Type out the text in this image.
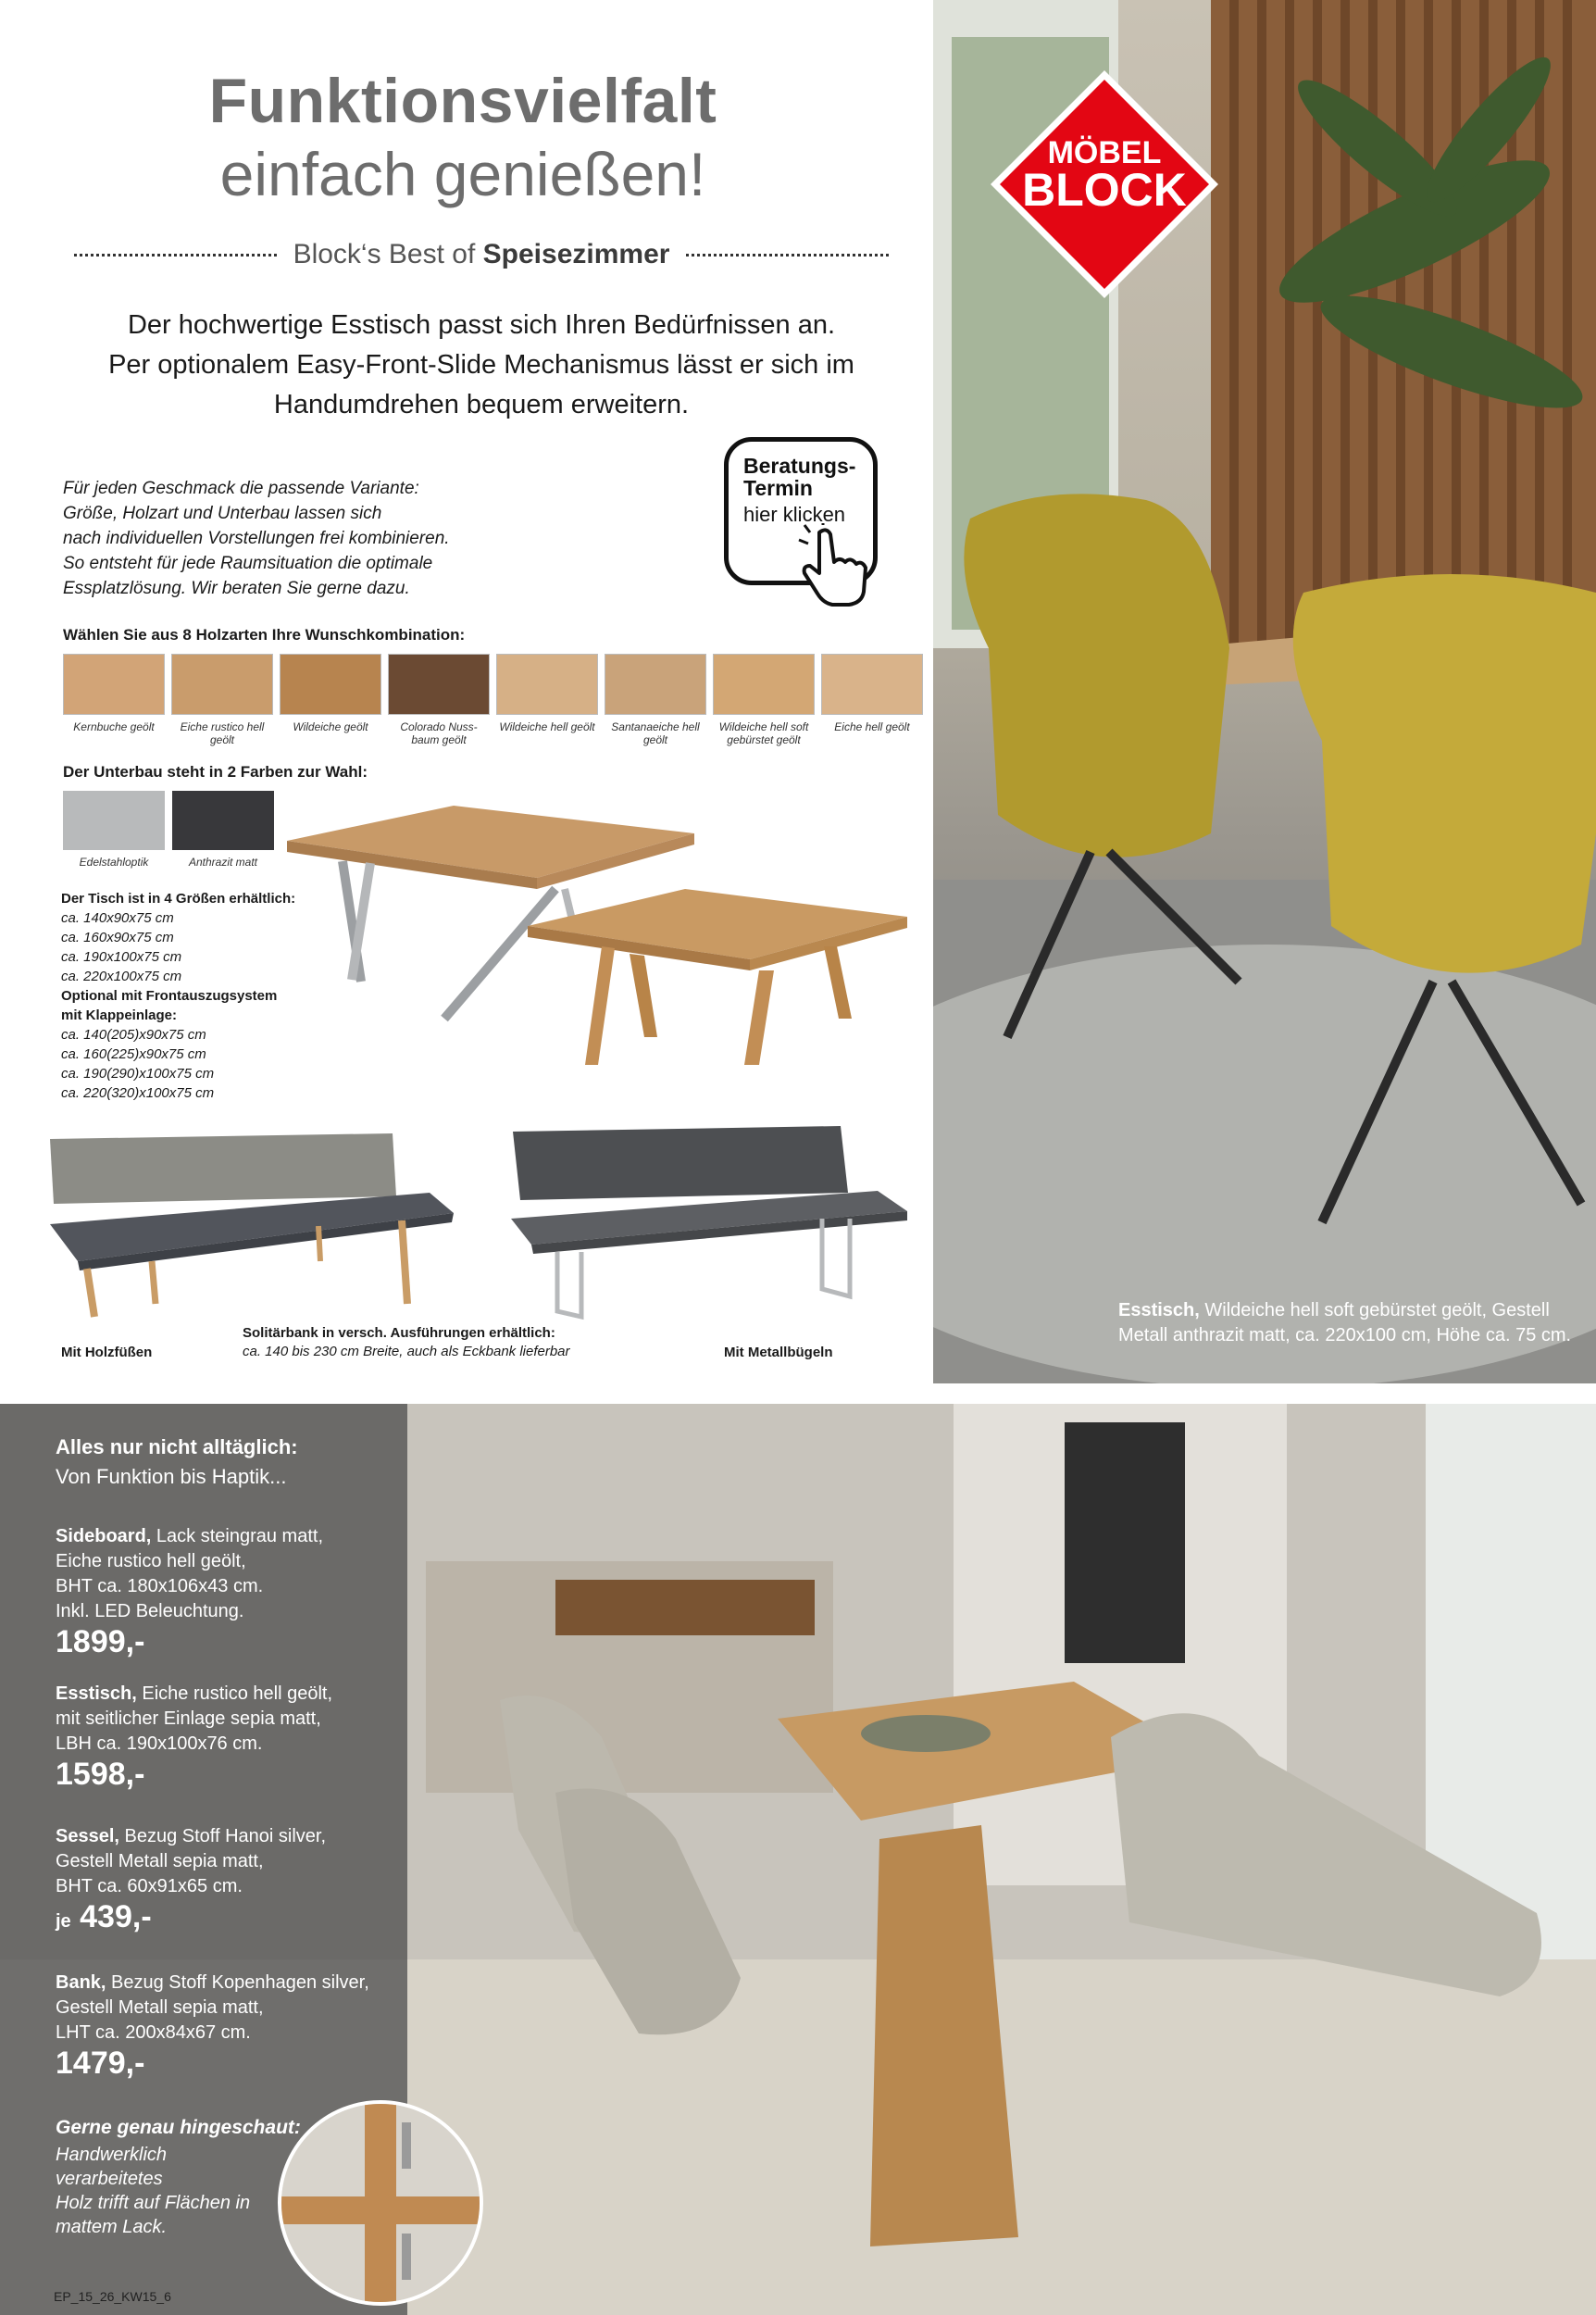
Funktionsvielfalt
einfach genießen!
Block‘s Best of Speisezimmer
Der hochwertige Esstisch passt sich Ihren Bedürfnissen an.
Per optionalem Easy-Front-Slide Mechanismus lässt er sich im
Handumdrehen bequem erweitern.
Beratungs-
Termin
hier klicken
Für jeden Geschmack die passende Variante:
Größe, Holzart und Unterbau lassen sich
nach individuellen Vorstellungen frei kombinieren.
So entsteht für jede Raumsituation die optimale
Essplatzlösung. Wir beraten Sie gerne dazu.
Wählen Sie aus 8 Holzarten Ihre Wunschkombination:
Kernbuche geölt	Eiche rustico hell geölt
Wildeiche geölt	Colorado Nuss-baum geölt
Wildeiche hell geölt	Santanaeiche hell geölt
Wildeiche hell soft gebürstet geölt
Eiche hell geölt
Der Unterbau steht in 2 Farben zur Wahl:
Edelstahloptik	Anthrazit matt
Der Tisch ist in 4 Größen erhältlich:
ca. 140x90x75 cm
ca. 160x90x75 cm
ca. 190x100x75 cm
ca. 220x100x75 cm
Optional mit Frontauszugsystem
mit Klappeinlage:
ca. 140(205)x90x75 cm
ca. 160(225)x90x75 cm
ca. 190(290)x100x75 cm
ca. 220(320)x100x75 cm
Mit Holzfüßen	Mit Metallbügeln
Solitärbank in versch. Ausführungen erhältlich:
ca. 140 bis 230 cm Breite, auch als Eckbank lieferbar
Esstisch, Wildeiche hell soft gebürstet geölt, Gestell
Metall anthrazit matt, ca. 220x100 cm, Höhe ca. 75 cm.
MÖBEL
BLOCK
Alles nur nicht alltäglich:
Von Funktion bis Haptik...
Sideboard, Lack steingrau matt,
Eiche rustico hell geölt,
BHT ca. 180x106x43 cm.
Inkl. LED Beleuchtung.
1899,-
Esstisch, Eiche rustico hell geölt,
mit seitlicher Einlage sepia matt,
LBH ca. 190x100x76 cm.
1598,-
Sessel, Bezug Stoff Hanoi silver,
Gestell Metall sepia matt,
BHT ca. 60x91x65 cm.
je 439,-
Bank, Bezug Stoff Kopenhagen silver,
Gestell Metall sepia matt,
LHT ca. 200x84x67 cm.
1479,-
Gerne genau hingeschaut:
Handwerklich verarbeitetes
Holz trifft auf Flächen in
mattem Lack.
EP_15_26_KW15_6
